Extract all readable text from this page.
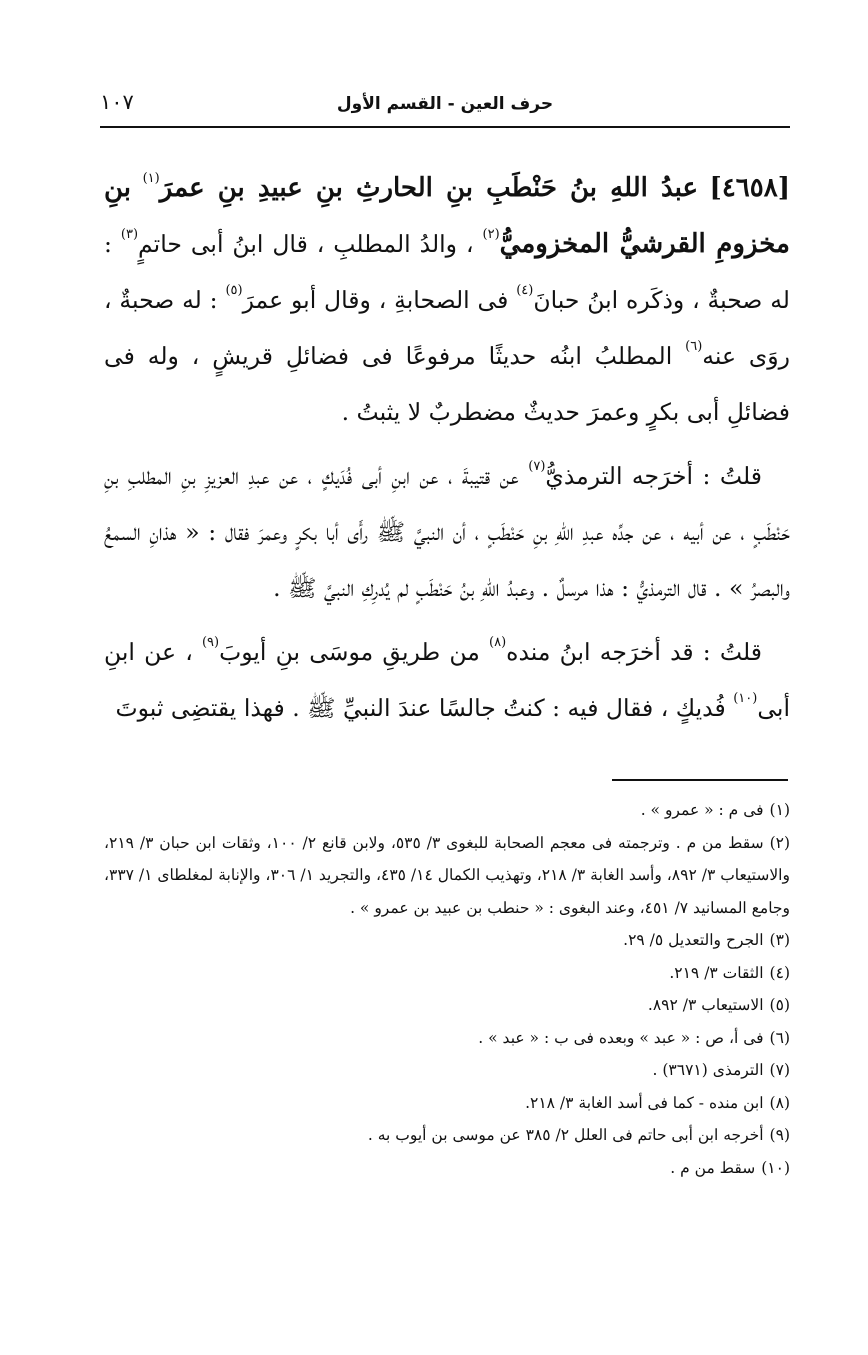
حرف العين - القسم الأول
١٠٧

[٤٦٥٨] عبدُ اللهِ بنُ حَنْطَبِ بنِ الحارثِ بنِ عبيدِ بنِ عمرَ$^{(١)}$ بنِ مخزومِ القرشيُّ المخزوميُّ$^{(٢)}$ ، والدُ المطلبِ ، قال ابنُ أبى حاتمٍ$^{(٣)}$ : له صحبةٌ ، وذكَره ابنُ حبانَ$^{(٤)}$ فى الصحابةِ ، وقال أبو عمرَ$^{(٥)}$ : له صحبةٌ ، روَى عنه$^{(٦)}$ المطلبُ ابنُه حديثًا مرفوعًا فى فضائلِ قريشٍ ، وله فى فضائلِ أبى بكرٍ وعمرَ حديثٌ مضطربٌ لا يثبتُ .

قلتُ : أخرَجه الترمذيُّ$^{(٧)}$ عن قتيبةَ ، عن ابنِ أبى فُدَيكٍ ، عن عبدِ العزيزِ بنِ المطلبِ بنِ حَنْطَبٍ ، عن أبيه ، عن جدِّه عبدِ اللهِ بنِ حَنْطَبٍ ، أن النبيَّ ﷺ رأَى أبا بكرٍ وعمرَ فقال : « هذانِ السمعُ والبصرُ » . قال الترمذيُّ : هذا مرسلٌ . وعبدُ اللهِ بنُ حَنْطَبٍ لم يُدرِكِ النبيَّ ﷺ .

قلتُ : قد أخرَجه ابنُ منده$^{(٨)}$ من طريقِ موسَى بنِ أيوبَ$^{(٩)}$ ، عن ابنِ أبى$^{(١٠)}$ فُديكٍ ، فقال فيه : كنتُ جالسًا عندَ النبيِّ ﷺ . فهذا يقتضِى ثبوتَ

(١)فى م : « عمرو » .

(٢)سقط من م . وترجمته فى معجم الصحابة للبغوى ٣/ ٥٣٥، ولابن قانع ٢/ ١٠٠، وثقات ابن حبان ٣/ ٢١٩، والاستيعاب ٣/ ٨٩٢، وأسد الغابة ٣/ ٢١٨، وتهذيب الكمال ١٤/ ٤٣٥، والتجريد ١/ ٣٠٦، والإنابة لمغلطاى ١/ ٣٣٧، وجامع المسانيد ٧/ ٤٥١، وعند البغوى : « حنطب بن عبيد بن عمرو » .

(٣)الجرح والتعديل ٥/ ٢٩.

(٤)الثقات ٣/ ٢١٩.

(٥)الاستيعاب ٣/ ٨٩٢.

(٦)فى أ، ص : « عبد » وبعده فى ب : « عبد » .

(٧)الترمذى (٣٦٧١) .

(٨)ابن منده - كما فى أسد الغابة ٣/ ٢١٨.

(٩)أخرجه ابن أبى حاتم فى العلل ٢/ ٣٨٥ عن موسى بن أيوب به .

(١٠)سقط من م .
